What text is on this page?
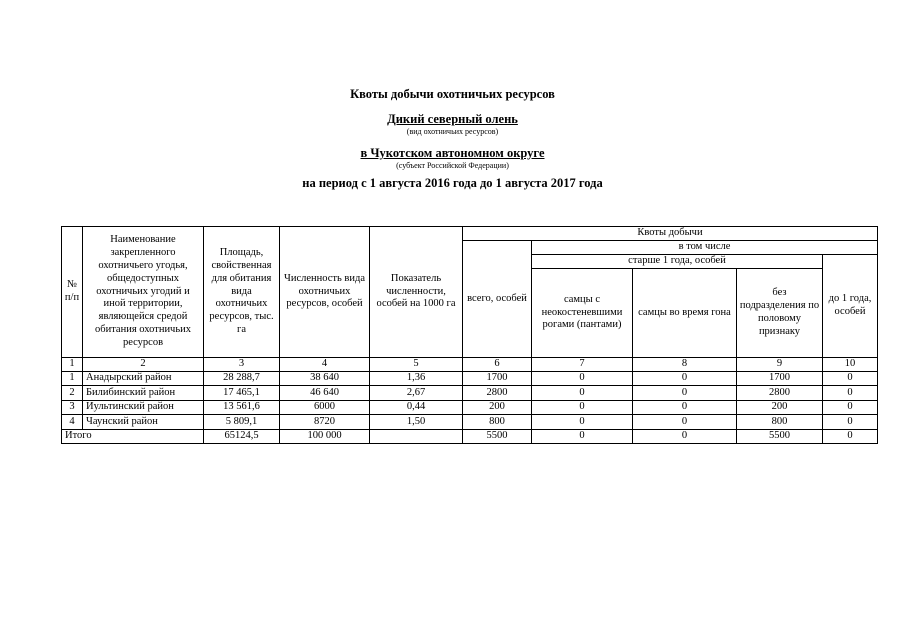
Квоты добычи охотничьих ресурсов
Дикий северный олень
(вид охотничьих ресурсов)
в Чукотском автономном округе
(субъект Российской Федерации)
на период с 1 августа 2016 года до 1 августа 2017 года
№ п/п	Наименование закрепленного охотничьего угодья, общедоступных охотничьих угодий и иной территории, являющейся средой обитания охотничьих ресурсов	Площадь, свойственная для обитания вида охотничьих ресурсов, тыс. га	Численность вида охотничьих ресурсов, особей	Показатель численности, особей на 1000 га	Квоты добычи				
					всего, особей	в том числе			
						старше 1 года, особей			до 1 года, особей
						самцы с неокостеневшими рогами (пантами)	самцы во время гона	без подразделения по половому признаку	
1	2	3	4	5	6	7	8	9	10
1	Анадырский район	28 288,7	38 640	1,36	1700	0	0	1700	0
2	Билибинский район	17 465,1	46 640	2,67	2800	0	0	2800	0
3	Иультинский район	13 561,6	6000	0,44	200	0	0	200	0
4	Чаунский район	5 809,1	8720	1,50	800	0	0	800	0
Итого		65124,5	100 000		5500	0	0	5500	0
